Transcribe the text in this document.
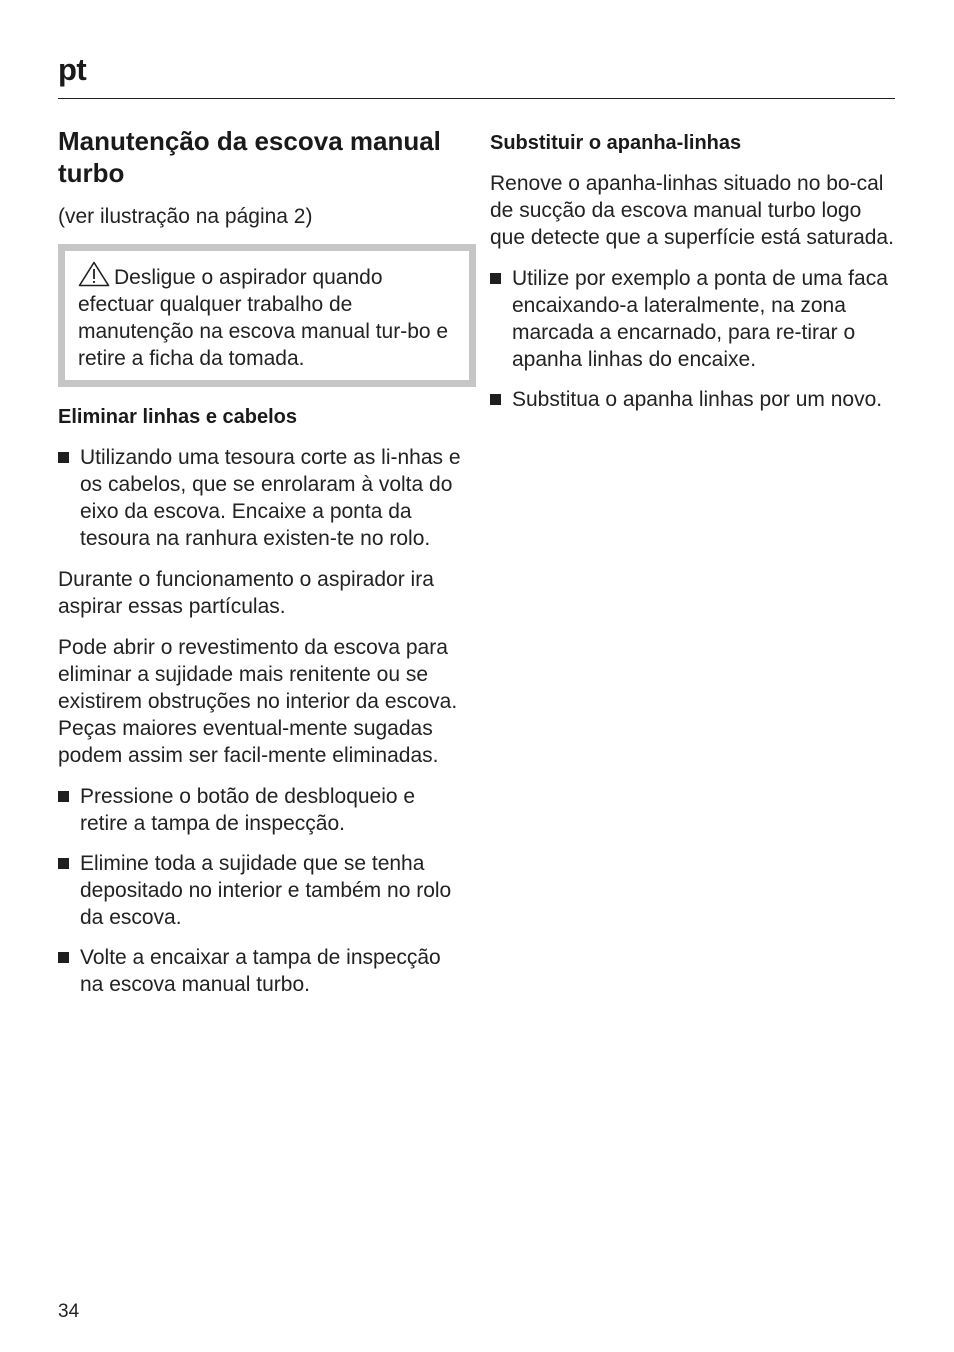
pt
Manutenção da escova manual turbo
(ver ilustração na página 2)
Desligue o aspirador quando efectuar qualquer trabalho de manutenção na escova manual tur-bo e retire a ficha da tomada.
Eliminar linhas e cabelos
Utilizando uma tesoura corte as li-nhas e os cabelos, que se enrolaram à volta do eixo da escova. Encaixe a ponta da tesoura na ranhura existen-te no rolo.
Durante o funcionamento o aspirador ira aspirar essas partículas.
Pode abrir o revestimento da escova para eliminar a sujidade mais renitente ou se existirem obstruções no interior da escova. Peças maiores eventual-mente sugadas podem assim ser facil-mente eliminadas.
Pressione o botão de desbloqueio e retire a tampa de inspecção.
Elimine toda a sujidade que se tenha depositado no interior e também no rolo da escova.
Volte a encaixar a tampa de inspecção na escova manual turbo.
Substituir o apanha-linhas
Renove o apanha-linhas situado no bo-cal de sucção da escova manual turbo logo que detecte que a superfície está saturada.
Utilize por exemplo a ponta de uma faca encaixando-a lateralmente, na zona marcada a encarnado, para re-tirar o apanha linhas do encaixe.
Substitua o apanha linhas por um novo.
34
